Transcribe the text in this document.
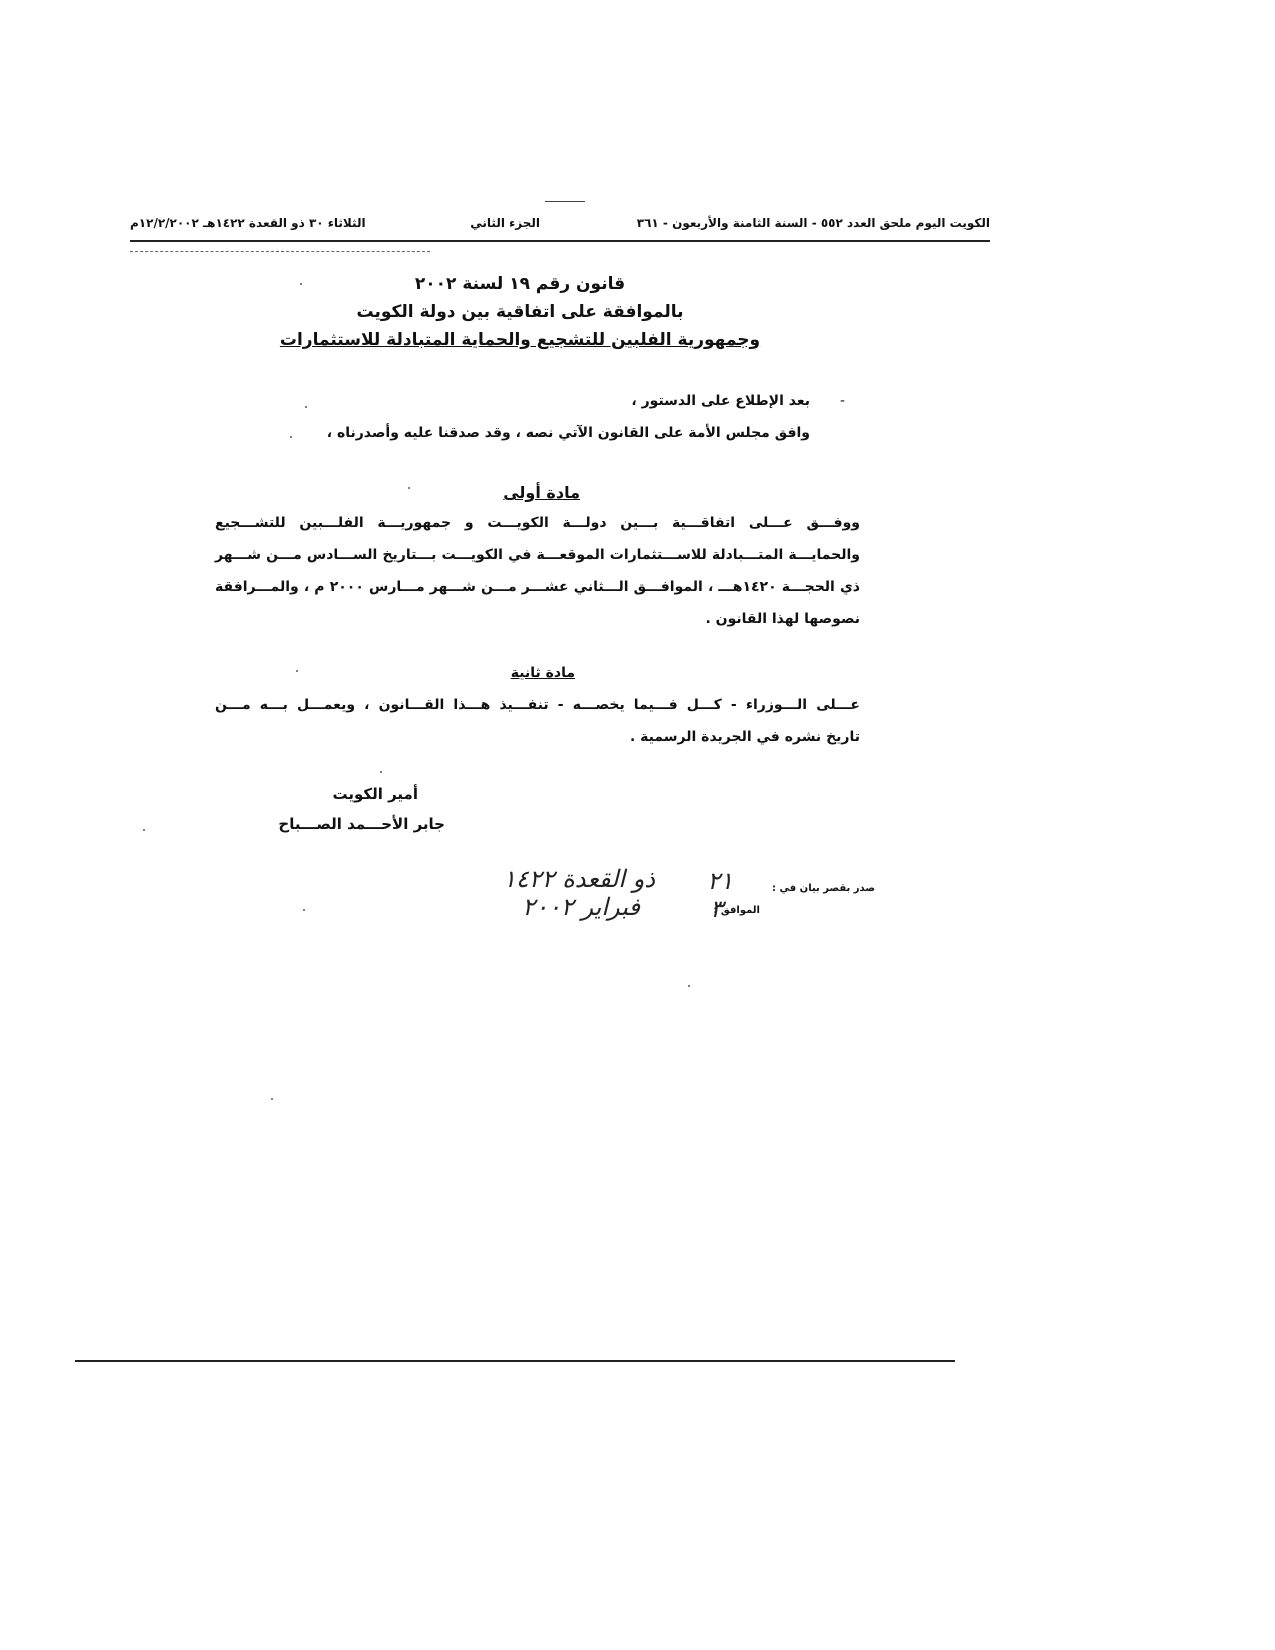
الكويت اليوم ملحق العدد ٥٥٢ - السنة الثامنة والأربعون - ٣٦١
الجزء الثاني
الثلاثاء ٣٠ ذو القعدة ١٤٢٢هـ ١٢/٢/٢٠٠٢م
قانون رقم ١٩ لسنة ٢٠٠٢
بالموافقة على اتفاقية بين دولة الكويت
وجمهورية الفلبين للتشجيع والحماية المتبادلة للاستثمارات
-
بعد الإطلاع على الدستور ،
وافق مجلس الأمة على القانون الآتي نصه ، وقد صدقنا عليه وأصدرناه ،
مادة أولى
ووفـــق عـــلى اتفاقـــية بـــين دولـــة الكويـــت و جمهوريـــة الفلـــبين للتشـــجيع
والحمايـــة المتـــبادلة للاســـتثمارات الموقعـــة في الكويـــت بـــتاريخ الســـادس مـــن شـــهر
ذي الحجـــة ١٤٢٠هـــ ، الموافـــق الـــثاني عشـــر مـــن شـــهر مـــارس ٢٠٠٠ م ، والمـــرافقة
نصوصها لهذا القانون .
مادة ثانية
عـــلى الـــوزراء - كـــل فـــيما يخصـــه - تنفـــيذ هـــذا القـــانون ، ويعمـــل بـــه مـــن
تاريخ نشره في الجريدة الرسمية .
أمير الكويت
جابر الأحـــمد الصـــباح
صدر بقصر بيان في :
الموافق :
٢١
ذو القعدة ١٤٢٢
٣
فبراير ٢٠٠٢
